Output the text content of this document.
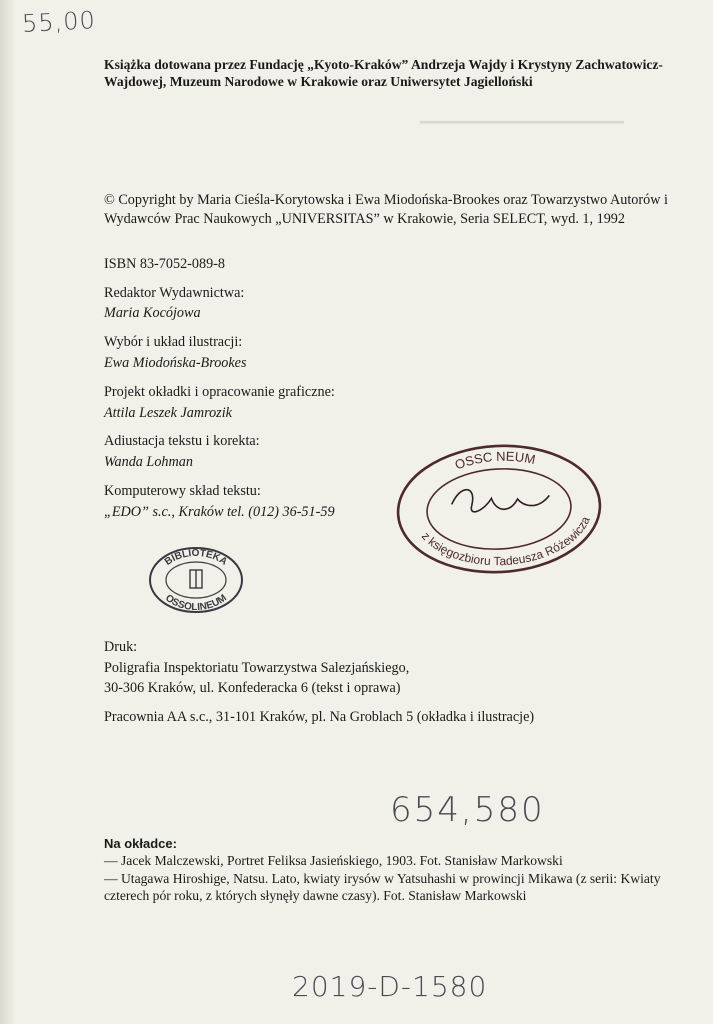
────────
55,00
Książka dotowana przez Fundację „Kyoto-Kraków” Andrzeja Wajdy i Krystyny Zachwatowicz-Wajdowej, Muzeum Narodowe w Krakowie oraz Uniwersytet Jagielloński
© Copyright by Maria Cieśla-Korytowska i Ewa Miodońska-Brookes oraz Towarzystwo Autorów i Wydawców Prac Naukowych „UNIVERSITAS” w Krakowie, Seria SELECT, wyd. 1, 1992
ISBN 83-7052-089-8
Redaktor Wydawnictwa:
Maria Kocójowa
Wybór i układ ilustracji:
Ewa Miodońska-Brookes
Projekt okładki i opracowanie graficzne:
Attila Leszek Jamrozik
Adiustacja tekstu i korekta:
Wanda Lohman
Komputerowy skład tekstu:
„EDO” s.c., Kraków tel. (012) 36-51-59
BIBLIOTEKA
OSSOLINEUM
OSSC NEUM
z księgozbioru Tadeusza Różewicza
Druk:
Poligrafia Inspektoriatu Towarzystwa Salezjańskiego,
30-306 Kraków, ul. Konfederacka 6 (tekst i oprawa)
Pracownia AA s.c., 31-101 Kraków, pl. Na Groblach 5 (okładka i ilustracje)
654,580
Na okładce:
— Jacek Malczewski, Portret Feliksa Jasieńskiego, 1903. Fot. Stanisław Markowski
— Utagawa Hiroshige, Natsu. Lato, kwiaty irysów w Yatsuhashi w prowincji Mikawa (z serii: Kwiaty czterech pór roku, z których słynęły dawne czasy). Fot. Stanisław Markowski
2019-D-1580
